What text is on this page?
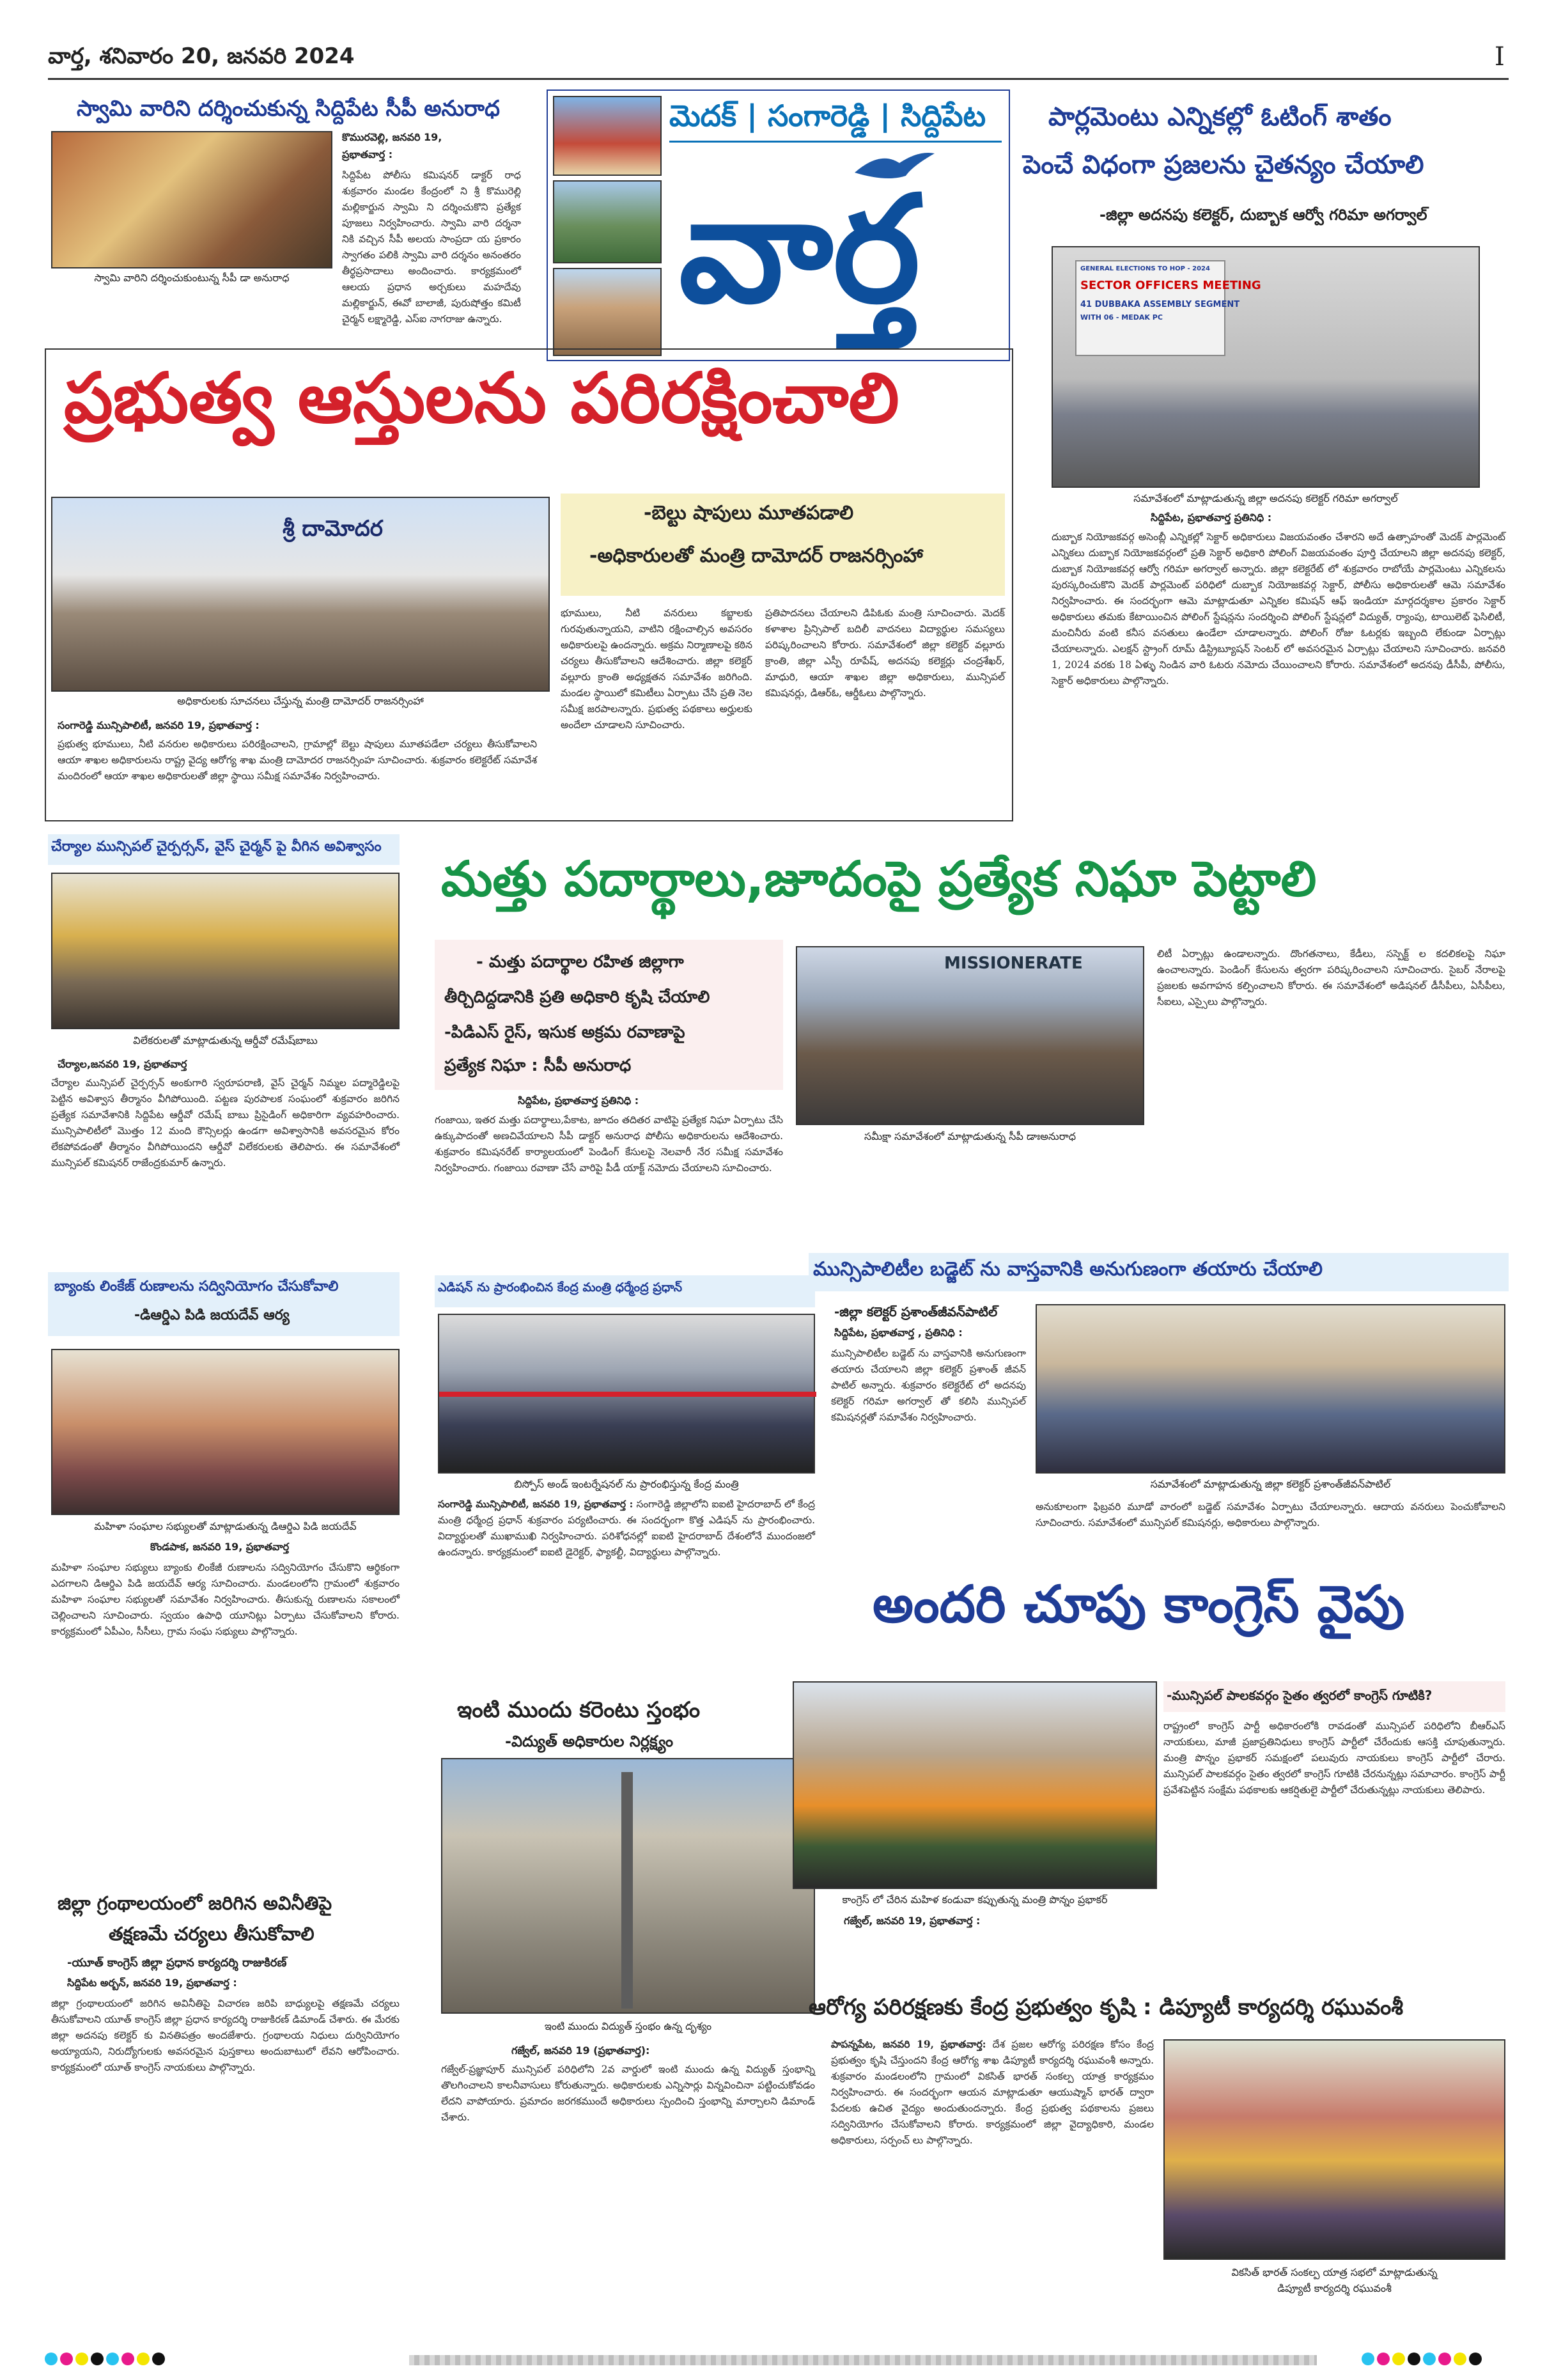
వార్త, శనివారం 20, జనవరి 2024	I
స్వామి వారిని దర్శించుకున్న సిద్దిపేట సీపీ అనురాధ
స్వామి వారిని దర్శించుకుంటున్న సీపీ డా అనురాధ
కొమురవెల్లి, జనవరి 19,
ప్రభాతవార్త :
సిద్దిపేట పోలీసు కమిషనర్ డాక్టర్ రాధ శుక్రవారం మండల కేంద్రంలో ని శ్రీ కొమురెల్లి మల్లికార్జున స్వామి ని దర్శించుకొని ప్రత్యేక పూజలు నిర్వహించారు. స్వామి వారి దర్శనా నికి వచ్చిన సీపీ అలయ సాంప్రదా య ప్రకారం స్వాగతం పలికి స్వామి వారి దర్శనం అనంతరం తీర్థప్రసాదాలు అందించారు. కార్యక్రమంలో ఆలయ ప్రధాన అర్చకులు మహదేవు మల్లికార్జున్, ఈవో బాలాజీ, పురుషోత్తం కమిటీ చైర్మన్ లక్ష్మారెడ్డి, ఎస్ఐ నాగరాజు ఉన్నారు.
మెదక్ | సంగారెడ్డి | సిద్దిపేట
వార్త
పార్లమెంటు ఎన్నికల్లో ఓటింగ్ శాతం
పెంచే విధంగా ప్రజలను చైతన్యం చేయాలి
-జిల్లా అదనపు కలెక్టర్, దుబ్బాక ఆర్వో గరిమా అగర్వాల్
GENERAL ELECTIONS TO HOP - 2024
SECTOR OFFICERS MEETING
41 DUBBAKA ASSEMBLY SEGMENT
WITH 06 - MEDAK PC
సమావేశంలో మాట్లాడుతున్న జిల్లా అదనపు కలెక్టర్ గరిమా అగర్వాల్
సిద్దిపేట, ప్రభాతవార్త ప్రతినిధి :
దుబ్బాక నియోజకవర్గ అసెంబ్లీ ఎన్నికల్లో సెక్టార్ అధికారులు విజయవంతం చేశారని అదే ఉత్సాహంతో మెదక్ పార్లమెంట్ ఎన్నికలు దుబ్బాక నియోజకవర్గంలో ప్రతి సెక్టార్ అధికారి పోలింగ్ విజయవంతం పూర్తి చేయాలని జిల్లా అదనపు కలెక్టర్, దుబ్బాక నియోజకవర్గ ఆర్వో గరిమా అగర్వాల్ అన్నారు. జిల్లా కలెక్టరేట్ లో శుక్రవారం రాబోయే పార్లమెంటు ఎన్నికలను పురస్కరించుకొని మెదక్ పార్లమెంట్ పరిధిలో దుబ్బాక నియోజకవర్గ సెక్టార్, పోలీసు అధికారులతో ఆమె సమావేశం నిర్వహించారు. ఈ సందర్భంగా ఆమె మాట్లాడుతూ ఎన్నికల కమిషన్ ఆఫ్ ఇండియా మార్గదర్శకాల ప్రకారం సెక్టార్ అధికారులు తమకు కేటాయించిన పోలింగ్ స్టేషన్లను సందర్శించి పోలింగ్ స్టేషన్లలో విద్యుత్, ర్యాంపు, టాయిలెట్ ఫెసిలిటీ, మంచినీరు వంటి కనీస వసతులు ఉండేలా చూడాలన్నారు. పోలింగ్ రోజు ఓటర్లకు ఇబ్బంది లేకుండా ఏర్పాట్లు చేయాలన్నారు. ఎలక్షన్ స్ట్రాంగ్ రూమ్ డిస్ట్రిబ్యూషన్ సెంటర్ లో అవసరమైన ఏర్పాట్లు చేయాలని సూచించారు. జనవరి 1, 2024 వరకు 18 ఏళ్ళు నిండిన వారి ఓటరు నమోదు చేయించాలని కోరారు. సమావేశంలో అదనపు డీసీపీ, పోలీసు, సెక్టార్ అధికారులు పాల్గొన్నారు.
ప్రభుత్వ ఆస్తులను పరిరక్షించాలి
శ్రీ దామోదర
అధికారులకు సూచనలు చేస్తున్న మంత్రి దామోదర్ రాజనర్సింహా
-బెల్టు షాపులు మూతపడాలి
-అధికారులతో మంత్రి దామోదర్ రాజనర్సింహా
సంగారెడ్డి మున్సిపాలిటీ, జనవరి 19, ప్రభాతవార్త :
ప్రభుత్వ భూములు, నీటి వనరుల అధికారులు పరిరక్షించాలని, గ్రామాల్లో బెల్టు షాపులు మూతపడేలా చర్యలు తీసుకోవాలని ఆయా శాఖల అధికారులను రాష్ట్ర వైద్య ఆరోగ్య శాఖ మంత్రి దామోదర రాజనర్సింహ సూచించారు. శుక్రవారం కలెక్టరేట్ సమావేశ మందిరంలో ఆయా శాఖల అధికారులతో జిల్లా స్థాయి సమీక్ష సమావేశం నిర్వహించారు.
భూములు, నీటి వనరులు కబ్జాలకు గురవుతున్నాయని, వాటిని రక్షించాల్సిన అవసరం అధికారులపై ఉందన్నారు. అక్రమ నిర్మాణాలపై కఠిన చర్యలు తీసుకోవాలని ఆదేశించారు. జిల్లా కలెక్టర్ వల్లూరు క్రాంతి అధ్యక్షతన సమావేశం జరిగింది. మండల స్థాయిలో కమిటీలు ఏర్పాటు చేసి ప్రతి నెల సమీక్ష జరపాలన్నారు. ప్రభుత్వ పథకాలు అర్హులకు అందేలా చూడాలని సూచించారు.
ప్రతిపాదనలు చేయాలని డిపిఓకు మంత్రి సూచించారు. మెదక్ కళాశాల ప్రిన్సిపాల్ బదిలీ వాదనలు విద్యార్థుల సమస్యలు పరిష్కరించాలని కోరారు. సమావేశంలో జిల్లా కలెక్టర్ వల్లూరు క్రాంతి, జిల్లా ఎస్పీ రూపేష్, అదనపు కలెక్టర్లు చంద్రశేఖర్, మాధురి, ఆయా శాఖల జిల్లా అధికారులు, మున్సిపల్ కమిషనర్లు, డిఆర్ఓ, ఆర్డీఓలు పాల్గొన్నారు.
చేర్యాల మున్సిపల్ చైర్పర్సన్, వైస్ చైర్మన్ పై వీగిన అవిశ్వాసం
విలేకరులతో మాట్లాడుతున్న ఆర్డీవో రమేష్‌బాబు
చేర్యాల,జనవరి 19, ప్రభాతవార్త
చేర్యాల మున్సిపల్ చైర్పర్సన్ అంకుగారి స్వరూపరాణి, వైస్ చైర్మన్ నిమ్మల పద్మారెడ్డిలపై పెట్టిన అవిశ్వాస తీర్మానం వీగిపోయింది. పట్టణ పురపాలక సంఘంలో శుక్రవారం జరిగిన ప్రత్యేక సమావేశానికి సిద్దిపేట ఆర్డీవో రమేష్ బాబు ప్రిసైడింగ్ అధికారిగా వ్యవహరించారు. మున్సిపాలిటీలో మొత్తం 12 మంది కౌన్సిలర్లు ఉండగా అవిశ్వాసానికి అవసరమైన కోరం లేకపోవడంతో తీర్మానం వీగిపోయిందని ఆర్డీవో విలేకరులకు తెలిపారు. ఈ సమావేశంలో మున్సిపల్ కమిషనర్ రాజేంద్రకుమార్ ఉన్నారు.
మత్తు పదార్థాలు,జూదంపై ప్రత్యేక నిఘా పెట్టాలి
- మత్తు పదార్థాల రహిత జిల్లాగా
తీర్చిదిద్దడానికి ప్రతి అధికారి కృషి చేయాలి
-పిడిఎస్ రైస్, ఇసుక అక్రమ రవాణాపై
ప్రత్యేక నిఘా : సీపీ అనురాధ
MISSIONERATE
సమీక్షా సమావేశంలో మాట్లాడుతున్న సీపీ డాఃఅనురాధ
సిద్దిపేట, ప్రభాతవార్త ప్రతినిధి :
గంజాయి, ఇతర మత్తు పదార్థాలు,పేకాట, జూదం తదితర వాటిపై ప్రత్యేక నిఘా ఏర్పాటు చేసి ఉక్కుపాదంతో అణచివేయాలని సీపీ డాక్టర్ అనురాధ పోలీసు అధికారులను ఆదేశించారు. శుక్రవారం కమిషనరేట్ కార్యాలయంలో పెండింగ్ కేసులపై నెలవారీ నేర సమీక్ష సమావేశం నిర్వహించారు. గంజాయి రవాణా చేసే వారిపై పీడీ యాక్ట్ నమోదు చేయాలని సూచించారు.
లిటీ ఏర్పాట్లు ఉండాలన్నారు. దొంగతనాలు, కేడీలు, సస్పెక్ట్ ల కదలికలపై నిఘా ఉంచాలన్నారు. పెండింగ్ కేసులను త్వరగా పరిష్కరించాలని సూచించారు. సైబర్ నేరాలపై ప్రజలకు అవగాహన కల్పించాలని కోరారు. ఈ సమావేశంలో అడిషనల్ డీసీపీలు, ఏసీపీలు, సీఐలు, ఎస్సైలు పాల్గొన్నారు.
బ్యాంకు లింకేజ్ రుణాలను సద్వినియోగం చేసుకోవాలి
-డిఆర్డిఎ పిడి జయదేవ్ ఆర్య
మహిళా సంఘాల సభ్యులతో మాట్లాడుతున్న డిఆర్డిఎ పిడి జయదేవ్
కొండపాక, జనవరి 19, ప్రభాతవార్త
మహిళా సంఘాల సభ్యులు బ్యాంకు లింకేజీ రుణాలను సద్వినియోగం చేసుకొని ఆర్థికంగా ఎదగాలని డిఆర్డిఎ పిడి జయదేవ్ ఆర్య సూచించారు. మండలంలోని గ్రామంలో శుక్రవారం మహిళా సంఘాల సభ్యులతో సమావేశం నిర్వహించారు. తీసుకున్న రుణాలను సకాలంలో చెల్లించాలని సూచించారు. స్వయం ఉపాధి యూనిట్లు ఏర్పాటు చేసుకోవాలని కోరారు. కార్యక్రమంలో ఏపీఎం, సీసీలు, గ్రామ సంఘ సభ్యులు పాల్గొన్నారు.
జిల్లా గ్రంథాలయంలో జరిగిన అవినీతిపై
తక్షణమే చర్యలు తీసుకోవాలి
-యూత్ కాంగ్రెస్ జిల్లా ప్రధాన కార్యదర్శి రాజుకిరణ్
సిద్దిపేట అర్బన్, జనవరి 19, ప్రభాతవార్త :
జిల్లా గ్రంథాలయంలో జరిగిన అవినీతిపై విచారణ జరిపి బాధ్యులపై తక్షణమే చర్యలు తీసుకోవాలని యూత్ కాంగ్రెస్ జిల్లా ప్రధాన కార్యదర్శి రాజుకిరణ్ డిమాండ్ చేశారు. ఈ మేరకు జిల్లా అదనపు కలెక్టర్ కు వినతిపత్రం అందజేశారు. గ్రంథాలయ నిధులు దుర్వినియోగం అయ్యాయని, నిరుద్యోగులకు అవసరమైన పుస్తకాలు అందుబాటులో లేవని ఆరోపించారు. కార్యక్రమంలో యూత్ కాంగ్రెస్ నాయకులు పాల్గొన్నారు.
ఎడిషన్ ను ప్రారంభించిన కేంద్ర మంత్రి ధర్మేంద్ర ప్రధాన్
బిస్పోస్ అండ్ ఇంటర్నేషనల్ ను ప్రారంభిస్తున్న కేంద్ర మంత్రి
సంగారెడ్డి మున్సిపాలిటీ, జనవరి 19, ప్రభాతవార్త : సంగారెడ్డి జిల్లాలోని ఐఐటి హైదరాబాద్ లో కేంద్ర మంత్రి ధర్మేంద్ర ప్రధాన్ శుక్రవారం పర్యటించారు. ఈ సందర్భంగా కొత్త ఎడిషన్ ను ప్రారంభించారు. విద్యార్థులతో ముఖాముఖి నిర్వహించారు. పరిశోధనల్లో ఐఐటి హైదరాబాద్ దేశంలోనే ముందంజలో ఉందన్నారు. కార్యక్రమంలో ఐఐటి డైరెక్టర్, ఫ్యాకల్టీ, విద్యార్థులు పాల్గొన్నారు.
ఇంటి ముందు కరెంటు స్తంభం
-విద్యుత్ అధికారుల నిర్లక్ష్యం
ఇంటి ముందు విద్యుత్ స్తంభం ఉన్న దృశ్యం
గజ్వేల్, జనవరి 19 (ప్రభాతవార్త):
గజ్వేల్-ప్రజ్ఞాపూర్ మున్సిపల్ పరిధిలోని 2వ వార్డులో ఇంటి ముందు ఉన్న విద్యుత్ స్తంభాన్ని తొలగించాలని కాలనీవాసులు కోరుతున్నారు. అధికారులకు ఎన్నిసార్లు విన్నవించినా పట్టించుకోవడం లేదని వాపోయారు. ప్రమాదం జరగకముందే అధికారులు స్పందించి స్తంభాన్ని మార్చాలని డిమాండ్ చేశారు.
మున్సిపాలిటీల బడ్జెట్ ను వాస్తవానికి అనుగుణంగా తయారు చేయాలి
-జిల్లా కలెక్టర్ ప్రశాంత్‌జీవన్‌పాటిల్
సిద్దిపేట, ప్రభాతవార్త , ప్రతినిధి :
మున్సిపాలిటీల బడ్జెట్ ను వాస్తవానికి అనుగుణంగా తయారు చేయాలని జిల్లా కలెక్టర్ ప్రశాంత్ జీవన్ పాటిల్ అన్నారు. శుక్రవారం కలెక్టరేట్ లో అదనపు కలెక్టర్ గరిమా అగర్వాల్ తో కలిసి మున్సిపల్ కమిషనర్లతో సమావేశం నిర్వహించారు.
సమావేశంలో మాట్లాడుతున్న జిల్లా కలెక్టర్ ప్రశాంత్‌జీవన్‌పాటిల్
అనుకూలంగా ఫిబ్రవరి మూడో వారంలో బడ్జెట్ సమావేశం ఏర్పాటు చేయాలన్నారు. ఆదాయ వనరులు పెంచుకోవాలని సూచించారు. సమావేశంలో మున్సిపల్ కమిషనర్లు, అధికారులు పాల్గొన్నారు.
అందరి చూపు కాంగ్రెస్ వైపు
కాంగ్రెస్ లో చేరిన మహిళ కండువా కప్పుతున్న మంత్రి పొన్నం ప్రభాకర్
-మున్సిపల్ పాలకవర్గం సైతం త్వరలో కాంగ్రెస్ గూటికి?
రాష్ట్రంలో కాంగ్రెస్ పార్టీ అధికారంలోకి రావడంతో మున్సిపల్ పరిధిలోని బీఆర్ఎస్ నాయకులు, మాజీ ప్రజాప్రతినిధులు కాంగ్రెస్ పార్టీలో చేరేందుకు ఆసక్తి చూపుతున్నారు. మంత్రి పొన్నం ప్రభాకర్ సమక్షంలో పలువురు నాయకులు కాంగ్రెస్ పార్టీలో చేరారు. మున్సిపల్ పాలకవర్గం సైతం త్వరలో కాంగ్రెస్ గూటికి చేరనున్నట్లు సమాచారం. కాంగ్రెస్ పార్టీ ప్రవేశపెట్టిన సంక్షేమ పథకాలకు ఆకర్షితులై పార్టీలో చేరుతున్నట్లు నాయకులు తెలిపారు.
గజ్వేల్, జనవరి 19, ప్రభాతవార్త :
ఆరోగ్య పరిరక్షణకు కేంద్ర ప్రభుత్వం కృషి : డిప్యూటీ కార్యదర్శి రఘువంశీ
పాపన్నపేట, జనవరి 19, ప్రభాతవార్త: దేశ ప్రజల ఆరోగ్య పరిరక్షణ కోసం కేంద్ర ప్రభుత్వం కృషి చేస్తుందని కేంద్ర ఆరోగ్య శాఖ డిప్యూటీ కార్యదర్శి రఘువంశీ అన్నారు. శుక్రవారం మండలంలోని గ్రామంలో వికసిత్ భారత్ సంకల్ప యాత్ర కార్యక్రమం నిర్వహించారు. ఈ సందర్భంగా ఆయన మాట్లాడుతూ ఆయుష్మాన్ భారత్ ద్వారా పేదలకు ఉచిత వైద్యం అందుతుందన్నారు. కేంద్ర ప్రభుత్వ పథకాలను ప్రజలు సద్వినియోగం చేసుకోవాలని కోరారు. కార్యక్రమంలో జిల్లా వైద్యాధికారి, మండల అధికారులు, సర్పంచ్ లు పాల్గొన్నారు.
వికసిత్ భారత్ సంకల్ప యాత్ర సభలో మాట్లాడుతున్న
డిప్యూటీ కార్యదర్శి రఘువంశీ
